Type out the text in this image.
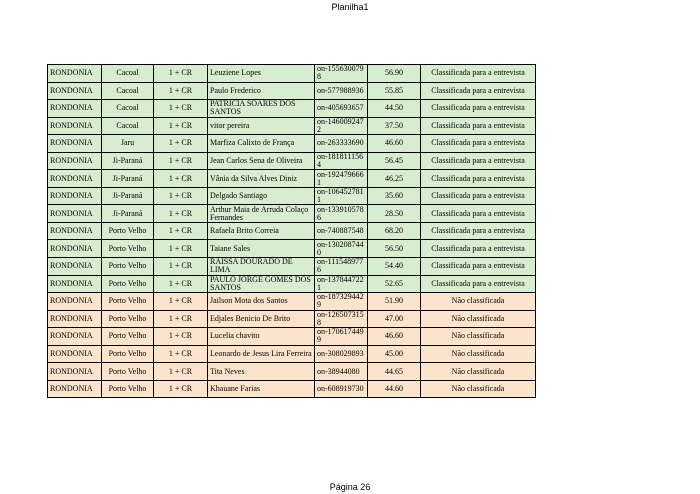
Planilha1
RONDONIA	Cacoal	1 + CR	Leuziene Lopes	on-1556300798	56.90	Classificada para a entrevista
RONDONIA	Cacoal	1 + CR	Paulo Frederico	on-577988936	55.85	Classificada para a entrevista
RONDONIA	Cacoal	1 + CR	PATRICIA SOARES DOS SANTOS	on-405693657	44.50	Classificada para a entrevista
RONDONIA	Cacoal	1 + CR	vitor pereira	on-1460092472	37.50	Classificada para a entrevista
RONDONIA	Jaru	1 + CR	Marfiza Calixto de França	on-263333690	46.60	Classificada para a entrevista
RONDONIA	Ji-Paraná	1 + CR	Jean Carlos Sena de Oliveira	on-1818111564	56.45	Classificada para a entrevista
RONDONIA	Ji-Paraná	1 + CR	Vânia da Silva Alves Diniz	on-1924796661	46.25	Classificada para a entrevista
RONDONIA	Ji-Paraná	1 + CR	Delgado Santiago	on-1064527811	35.60	Classificada para a entrevista
RONDONIA	Ji-Paraná	1 + CR	Arthur Maia de Arruda Colaço Fernandes	on-1339105786	28.50	Classificada para a entrevista
RONDONIA	Porto Velho	1 + CR	Rafaela Brito Correia	on-740887548	68.20	Classificada para a entrevista
RONDONIA	Porto Velho	1 + CR	Taiane Sales	on-1302087440	56.50	Classificada para a entrevista
RONDONIA	Porto Velho	1 + CR	RAISSA DOURADO DE LIMA	on-1115489776	54.40	Classificada para a entrevista
RONDONIA	Porto Velho	1 + CR	PAULO JORGE GOMES DOS SANTOS	on-1378447221	52.65	Classificada para a entrevista
RONDONIA	Porto Velho	1 + CR	Jailson Mota dos Santos	on-1873294429	51.90	Não classificada
RONDONIA	Porto Velho	1 + CR	Edjales Benicio De Brito	on-1265073158	47.00	Não classificada
RONDONIA	Porto Velho	1 + CR	Lucelia chavito	on-1706174499	46.60	Não classificada
RONDONIA	Porto Velho	1 + CR	Leonardo de Jesus Lira Ferreira	on-308029893	45.00	Não classificada
RONDONIA	Porto Velho	1 + CR	Tita Neves	on-38944080	44.65	Não classificada
RONDONIA	Porto Velho	1 + CR	Khauane Farias	on-608919730	44.60	Não classificada
Página 26
